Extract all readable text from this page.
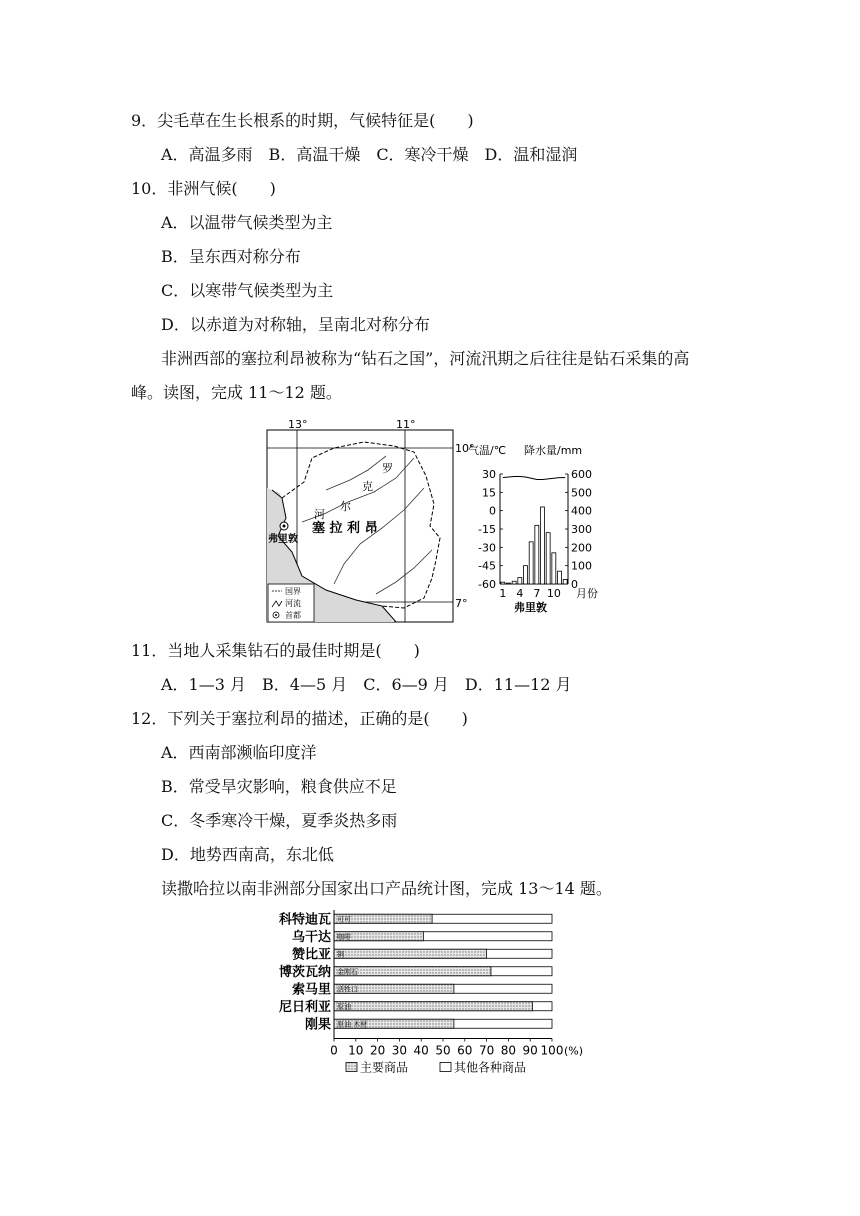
9．尖毛草在生长根系的时期，气候特征是(　　)
A．高温多雨　B．高温干燥　C．寒冷干燥　D．温和湿润
10．非洲气候(　　)
A．以温带气候类型为主
B．呈东西对称分布
C．以寒带气候类型为主
D．以赤道为对称轴，呈南北对称分布
非洲西部的塞拉利昂被称为“钻石之国”，河流汛期之后往往是钻石采集的高
峰。读图，完成 11～12 题。
罗
克
尔
河
塞 拉 利 昂
弗里敦
13°	11°
10°
7°
国界
河流
首都
气温/℃ 降水量/mm
30
15
0
-15
-30
-45
-60
600
500
400
300
200
100
0
1 4 7 10 月份
弗里敦
11．当地人采集钻石的最佳时期是(　　)
A．1—3 月　B．4—5 月　C．6—9 月　D．11—12 月
12．下列关于塞拉利昂的描述，正确的是(　　)
A．西南部濒临印度洋
B．常受旱灾影响，粮食供应不足
C．冬季寒冷干燥，夏季炎热多雨
D．地势西南高，东北低
读撒哈拉以南非洲部分国家出口产品统计图，完成 13～14 题。
科特迪瓦 可可
乌干达 咖啡
赞比亚 铜
博茨瓦纳 金刚石
索马里 活牲口
尼日利亚 原油
刚果 原油 木材
0 10 20 30 40 50 60 70 80 90 100 (%)
主要商品	其他各种商品
